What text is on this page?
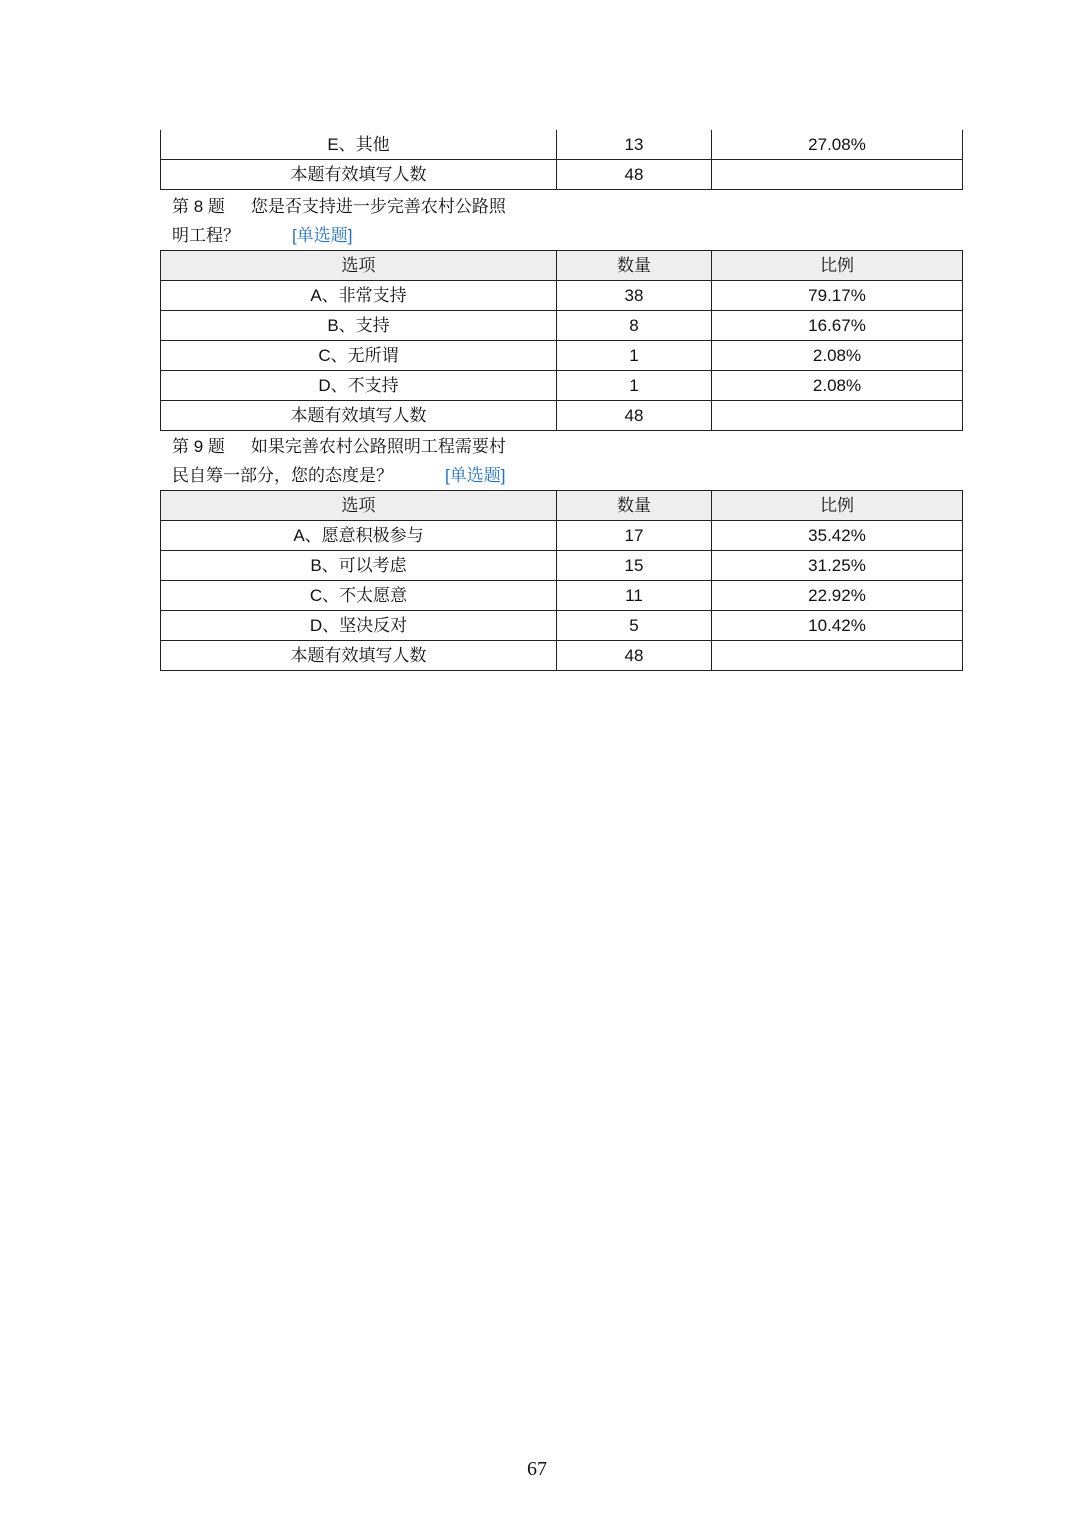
E、其他	13	27.08%
本题有效填写人数	48	
第 8 题 您是否支持进一步完善农村公路照
明工程？	[单选题]
选项	数量	比例
A、非常支持	38	79.17%
B、支持	8	16.67%
C、无所谓	1	2.08%
D、不支持	1	2.08%
本题有效填写人数	48	
第 9 题 如果完善农村公路照明工程需要村
民自筹一部分，您的态度是？	[单选题]
选项	数量	比例
A、愿意积极参与	17	35.42%
B、可以考虑	15	31.25%
C、不太愿意	11	22.92%
D、坚决反对	5	10.42%
本题有效填写人数	48	
67
